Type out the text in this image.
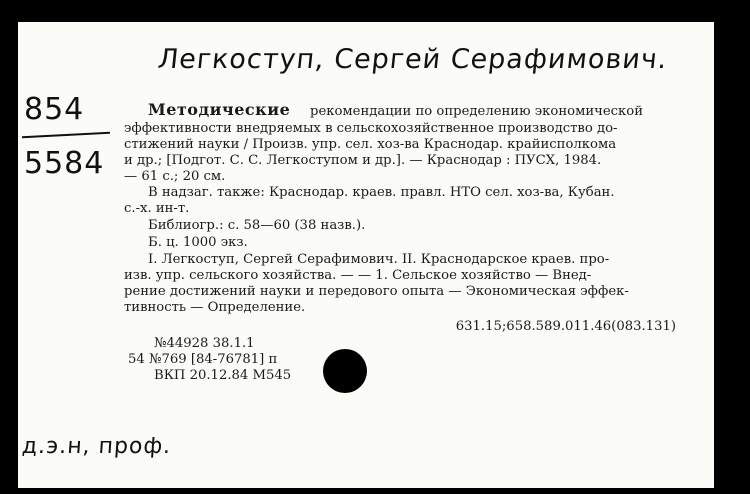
Легкоступ, Сергей Серафимович.
854
5584
Методические рекомендации по определению экономической
эффективности внедряемых в сельскохозяйственное производство до-
стижений науки / Произв. упр. сел. хоз-ва Краснодар. крайисполкома
и др.; [Подгот. С. С. Легкоступом и др.]. — Краснодар : ПУСХ, 1984.
— 61 с.; 20 см.
В надзаг. также: Краснодар. краев. правл. НТО сел. хоз-ва, Кубан.
с.-х. ин-т.
Библиогр.: с. 58—60 (38 назв.).
Б. ц. 1000 экз.
I. Легкоступ, Сергей Серафимович. II. Краснодарское краев. про-
изв. упр. сельского хозяйства. — — 1. Сельское хозяйство — Внед-
рение достижений науки и передового опыта — Экономическая эффек-
тивность — Определение.
631.15;658.589.011.46(083.131)
№44928 38.1.1
54 №769 [84-76781] п
ВКП 20.12.84 М545
д.э.н, проф.
